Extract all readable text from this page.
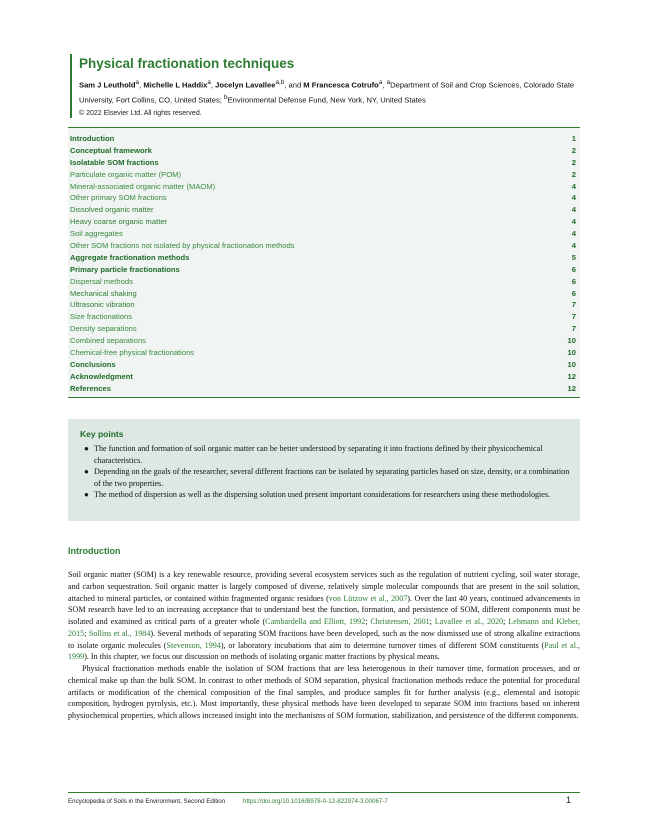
Physical fractionation techniques
Sam J Leuthold$^a$, Michelle L Haddix$^a$, Jocelyn Lavallee$^{a,b}$, and M Francesca Cotrufo$^a$, $^a$Department of Soil and Crop Sciences, Colorado State University, Fort Collins, CO, United States; $^b$Environmental Defense Fund, New York, NY, United States
© 2022 Elsevier Ltd. All rights reserved.
Introduction	1
Conceptual framework	2
Isolatable SOM fractions	2
Particulate organic matter (POM)	2
Mineral-associated organic matter (MAOM)	4
Other primary SOM fractions	4
Dissolved organic matter	4
Heavy coarse organic matter	4
Soil aggregates	4
Other SOM fractions not isolated by physical fractionation methods	4
Aggregate fractionation methods	5
Primary particle fractionations	6
Dispersal methods	6
Mechanical shaking	6
Ultrasonic vibration	7
Size fractionations	7
Density separations	7
Combined separations	10
Chemical-free physical fractionations	10
Conclusions	10
Acknowledgment	12
References	12
Key points
● The function and formation of soil organic matter can be better understood by separating it into fractions defined by their physicochemical characteristics.
● Depending on the goals of the researcher, several different fractions can be isolated by separating particles based on size, density, or a combination of the two properties.
● The method of dispersion as well as the dispersing solution used present important considerations for researchers using these methodologies.
Introduction

Soil organic matter (SOM) is a key renewable resource, providing several ecosystem services such as the regulation of nutrient cycling, soil water storage, and carbon sequestration. Soil organic matter is largely composed of diverse, relatively simple molecular compounds that are present in the soil solution, attached to mineral particles, or contained within fragmented organic residues (von Lützow et al., 2007). Over the last 40 years, continued advancements in SOM research have led to an increasing acceptance that to understand best the function, formation, and persistence of SOM, different components must be isolated and examined as critical parts of a greater whole (Cambardella and Elliott, 1992; Christensen, 2001; Lavallee et al., 2020; Lehmann and Kleber, 2015; Sollins et al., 1984). Several methods of separating SOM fractions have been developed, such as the now dismissed use of strong alkaline extractions to isolate organic molecules (Stevenson, 1994), or laboratory incubations that aim to determine turnover times of different SOM constituents (Paul et al., 1999). In this chapter, we focus our discussion on methods of isolating organic matter fractions by physical means.

Physical fractionation methods enable the isolation of SOM fractions that are less heterogenous in their turnover time, formation processes, and or chemical make up than the bulk SOM. In contrast to other methods of SOM separation, physical fractionation methods reduce the potential for procedural artifacts or modification of the chemical composition of the final samples, and produce samples fit for further analysis (e.g., elemental and isotopic composition, hydrogen pyrolysis, etc.). Most importantly, these physical methods have been developed to separate SOM into fractions based on inherent physiochemical properties, which allows increased insight into the mechanisms of SOM formation, stabilization, and persistence of the different components.

Encyclopedia of Soils in the Environment, Second Edition	https://doi.org/10.1016/B978-0-12-822974-3.00067-7	1
